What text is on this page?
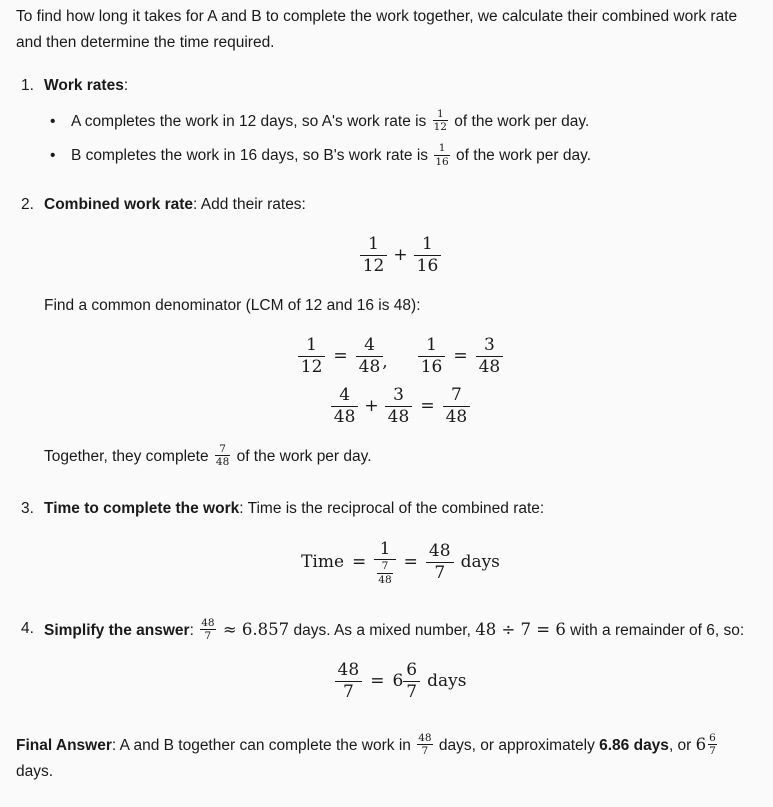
To find how long it takes for A and B to complete the work together, we calculate their combined work rate and then determine the time required.

1. Work rates:

•	A completes the work in 12 days, so A's work rate is $\frac{1}{12}$ of the work per day.
•	B completes the work in 16 days, so B's work rate is $\frac{1}{16}$ of the work per day.
2. Combined work rate: Add their rates:

$\frac{1}{12} + \frac{1}{16}$

Find a common denominator (LCM of 12 and 16 is 48):

$\frac{1}{12} = \frac{4}{48}$ , $\frac{1}{16} = \frac{3}{48}$
$\frac{4}{48} + \frac{3}{48} = \frac{7}{48}$

Together, they complete $\frac{7}{48}$ of the work per day.

3. Time to complete the work: Time is the reciprocal of the combined rate:

Time = $\frac{1}{\frac{7}{48}} = \frac{48}{7}$ days
4. Simplify the answer: $\frac{48}{7} \approx 6.857$ days. As a mixed number, 48 ÷ 7 = 6 with a remainder of 6, so:

$\frac{48}{7} = 6 \frac{6}{7}$ days

Final Answer: A and B together can complete the work in $\frac{48}{7}$ days, or approximately 6.86 days, or $6 \frac{6}{7}$
days.
